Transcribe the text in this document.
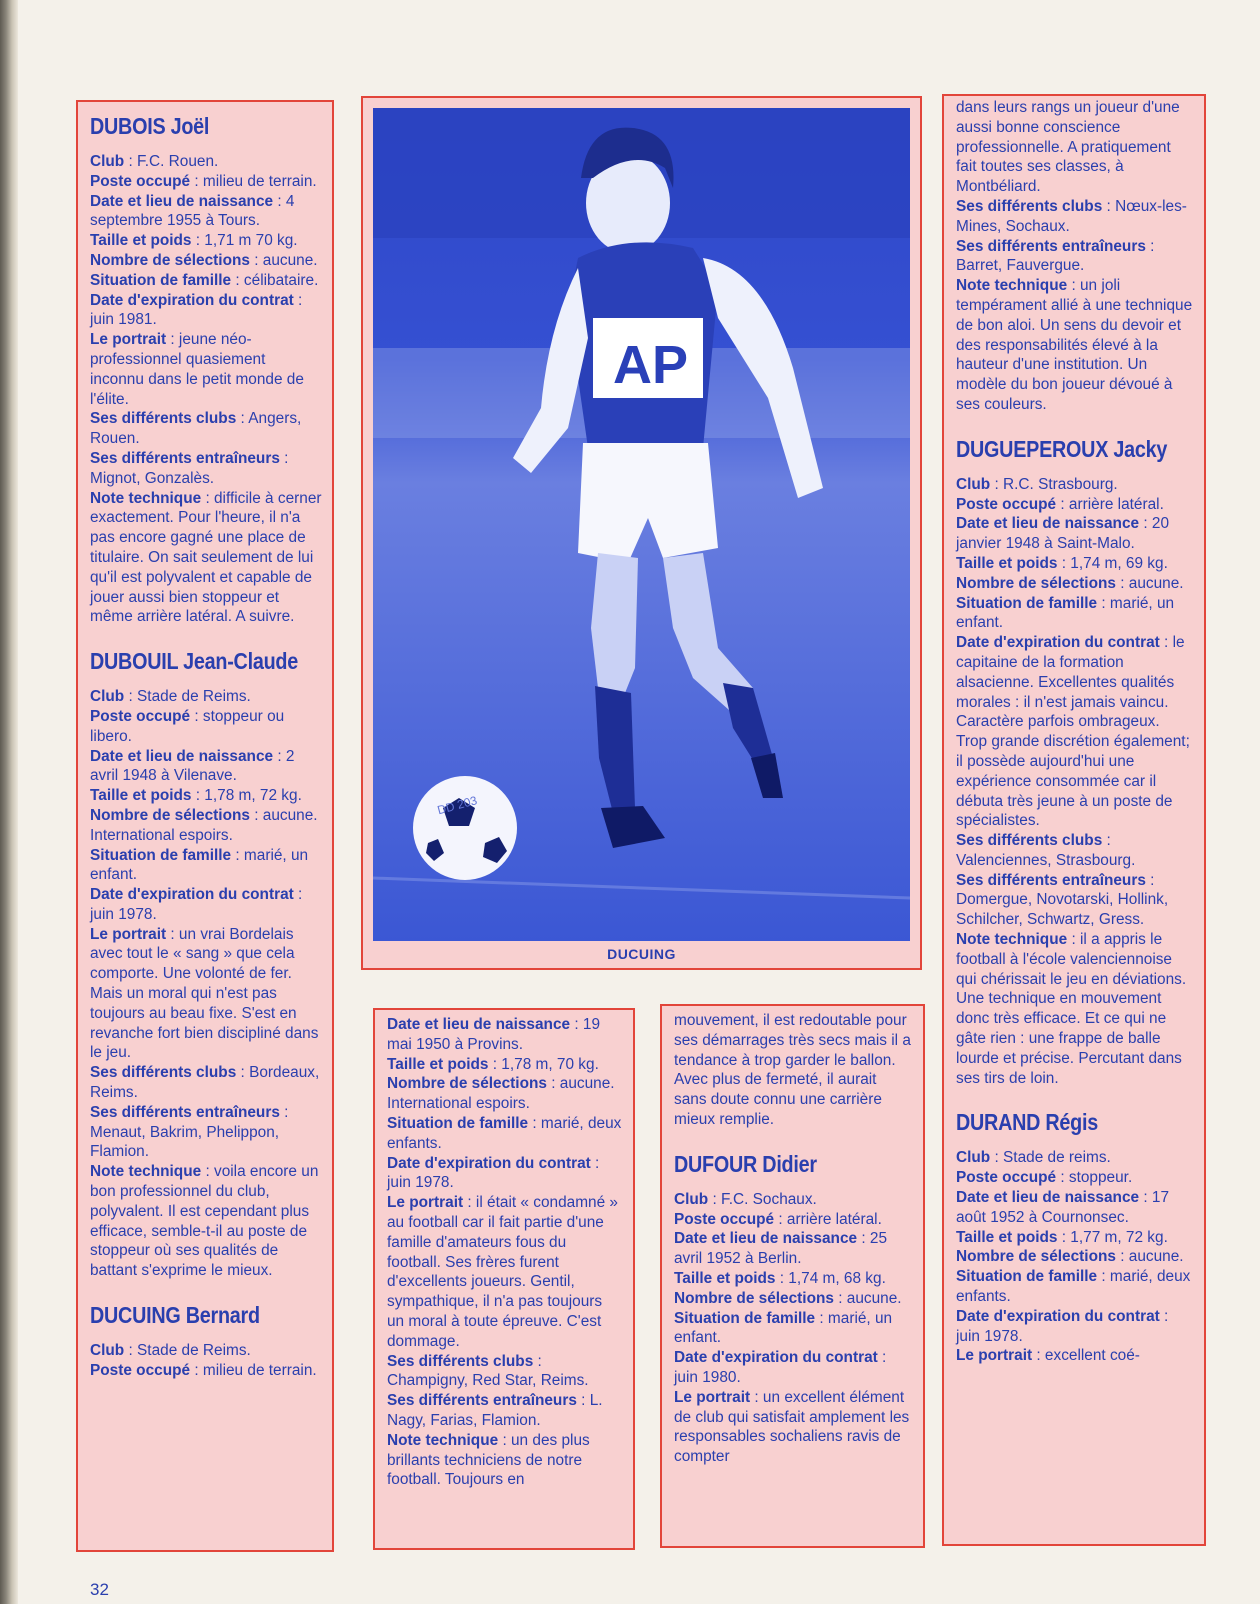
DUBOIS Joël

Club : F.C. Rouen.

Poste occupé : milieu de terrain.

Date et lieu de naissance : 4 septembre 1955 à Tours.

Taille et poids : 1,71 m 70 kg.

Nombre de sélections : aucune.

Situation de famille : célibataire.

Date d'expiration du contrat : juin 1981.

Le portrait : jeune néo-professionnel quasiement inconnu dans le petit monde de l'élite.

Ses différents clubs : Angers, Rouen.

Ses différents entraîneurs : Mignot, Gonzalès.

Note technique : difficile à cerner exactement. Pour l'heure, il n'a pas encore gagné une place de titulaire. On sait seulement de lui qu'il est polyvalent et capable de jouer aussi bien stoppeur et même arrière latéral. A suivre.

DUBOUIL Jean-Claude

Club : Stade de Reims.

Poste occupé : stoppeur ou libero.

Date et lieu de naissance : 2 avril 1948 à Vilenave.

Taille et poids : 1,78 m, 72 kg.

Nombre de sélections : aucune. International espoirs.

Situation de famille : marié, un enfant.

Date d'expiration du contrat : juin 1978.

Le portrait : un vrai Bordelais avec tout le « sang » que cela comporte. Une volonté de fer. Mais un moral qui n'est pas toujours au beau fixe. S'est en revanche fort bien discipliné dans le jeu.

Ses différents clubs : Bordeaux, Reims.

Ses différents entraîneurs : Menaut, Bakrim, Phelippon, Flamion.

Note technique : voila encore un bon professionnel du club, polyvalent. Il est cependant plus efficace, semble-t-il au poste de stoppeur où ses qualités de battant s'exprime le mieux.

DUCUING Bernard

Club : Stade de Reims.

Poste occupé : milieu de terrain.

AP
DD 203
DUCUING

Date et lieu de naissance : 19 mai 1950 à Provins.

Taille et poids : 1,78 m, 70 kg.

Nombre de sélections : aucune. International espoirs.

Situation de famille : marié, deux enfants.

Date d'expiration du contrat : juin 1978.

Le portrait : il était « condamné » au football car il fait partie d'une famille d'amateurs fous du football. Ses frères furent d'excellents joueurs. Gentil, sympathique, il n'a pas toujours un moral à toute épreuve. C'est dommage.

Ses différents clubs : Champigny, Red Star, Reims.

Ses différents entraîneurs : L. Nagy, Farias, Flamion.

Note technique : un des plus brillants techniciens de notre football. Toujours en

mouvement, il est redoutable pour ses démarrages très secs mais il a tendance à trop garder le ballon. Avec plus de fermeté, il aurait sans doute connu une carrière mieux remplie.

DUFOUR Didier

Club : F.C. Sochaux.

Poste occupé : arrière latéral.

Date et lieu de naissance : 25 avril 1952 à Berlin.

Taille et poids : 1,74 m, 68 kg.

Nombre de sélections : aucune.

Situation de famille : marié, un enfant.

Date d'expiration du contrat : juin 1980.

Le portrait : un excellent élément de club qui satisfait amplement les responsables sochaliens ravis de compter

dans leurs rangs un joueur d'une aussi bonne conscience professionnelle. A pratiquement fait toutes ses classes, à Montbéliard.

Ses différents clubs : Nœux-les-Mines, Sochaux.

Ses différents entraîneurs : Barret, Fauvergue.

Note technique : un joli tempérament allié à une technique de bon aloi. Un sens du devoir et des responsabilités élevé à la hauteur d'une institution. Un modèle du bon joueur dévoué à ses couleurs.

DUGUEPEROUX Jacky

Club : R.C. Strasbourg.

Poste occupé : arrière latéral.

Date et lieu de naissance : 20 janvier 1948 à Saint-Malo.

Taille et poids : 1,74 m, 69 kg.

Nombre de sélections : aucune.

Situation de famille : marié, un enfant.

Date d'expiration du contrat : le capitaine de la formation alsacienne. Excellentes qualités morales : il n'est jamais vaincu. Caractère parfois ombrageux. Trop grande discrétion également; il possède aujourd'hui une expérience consommée car il débuta très jeune à un poste de spécialistes.

Ses différents clubs : Valenciennes, Strasbourg.

Ses différents entraîneurs : Domergue, Novotarski, Hollink, Schilcher, Schwartz, Gress.

Note technique : il a appris le football à l'école valenciennoise qui chérissait le jeu en déviations. Une technique en mouvement donc très efficace. Et ce qui ne gâte rien : une frappe de balle lourde et précise. Percutant dans ses tirs de loin.

DURAND Régis

Club : Stade de reims.

Poste occupé : stoppeur.

Date et lieu de naissance : 17 août 1952 à Cournonsec.

Taille et poids : 1,77 m, 72 kg.

Nombre de sélections : aucune.

Situation de famille : marié, deux enfants.

Date d'expiration du contrat : juin 1978.

Le portrait : excellent coé-

32
